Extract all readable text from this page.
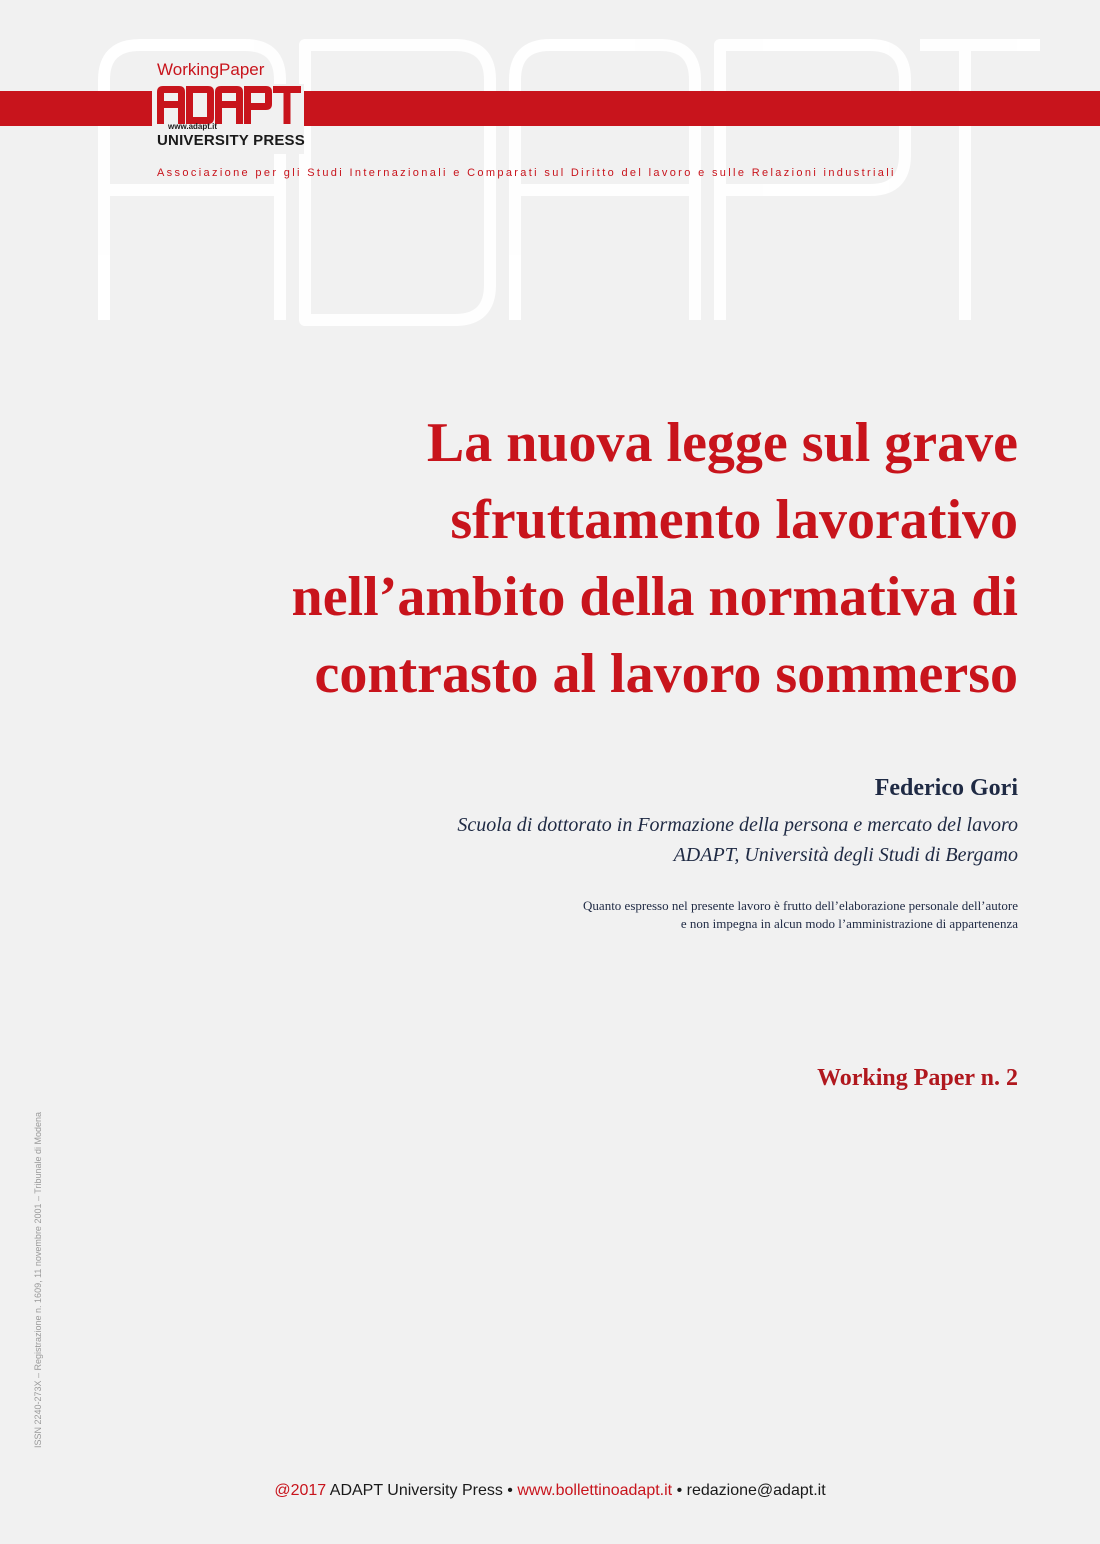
WorkingPaper
www.adapt.it
UNIVERSITY PRESS
Associazione per gli Studi Internazionali e Comparati sul Diritto del lavoro e sulle Relazioni industriali
La nuova legge sul grave
sfruttamento lavorativo
nell’ambito della normativa di
contrasto al lavoro sommerso
Federico Gori
Scuola di dottorato in Formazione della persona e mercato del lavoro
ADAPT, Università degli Studi di Bergamo
Quanto espresso nel presente lavoro è frutto dell’elaborazione personale dell’autore
e non impegna in alcun modo l’amministrazione di appartenenza
Working Paper n. 2
ISSN 2240-273X – Registrazione n. 1609, 11 novembre 2001 – Tribunale di Modena
@2017 ADAPT University Press • www.bollettinoadapt.it • redazione@adapt.it
